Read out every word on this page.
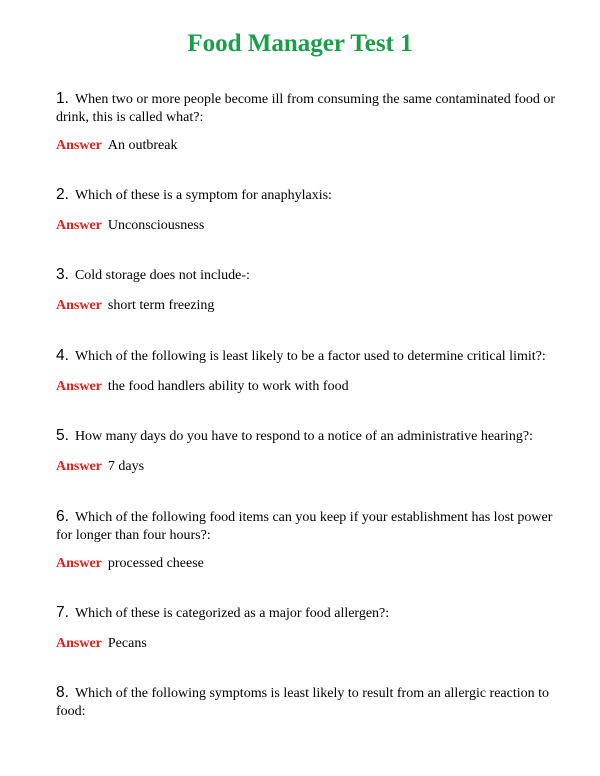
Food Manager Test 1

1. When two or more people become ill from consuming the same contaminated food or drink, this is called what?:

Answer An outbreak

2. Which of these is a symptom for anaphylaxis:

Answer Unconsciousness

3. Cold storage does not include-:

Answer short term freezing

4. Which of the following is least likely to be a factor used to determine critical limit?:

Answer the food handlers ability to work with food

5. How many days do you have to respond to a notice of an administrative hearing?:

Answer 7 days

6. Which of the following food items can you keep if your establishment has lost power for longer than four hours?:

Answer processed cheese

7. Which of these is categorized as a major food allergen?:

Answer Pecans

8. Which of the following symptoms is least likely to result from an allergic reaction to food:
